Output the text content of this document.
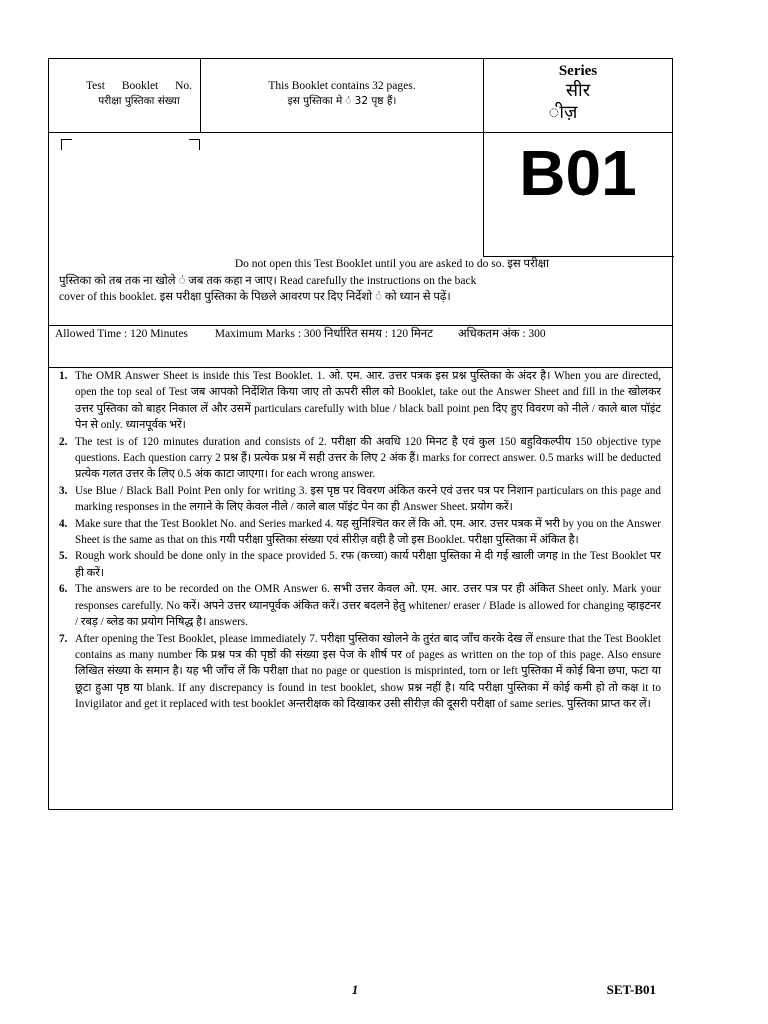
Test Booklet No.
परीक्षा पुस्तिका संख्या
This Booklet contains 32 pages.
इस पुस्तिका मे ं 32 पृष्ठ हैं।
Series
सीर
ीज़
B01
Do not open this Test Booklet until you are asked to do so. इस परीक्षा
पुस्तिका को तब तक ना खोले ं जब तक कहा न जाए। Read carefully the instructions on the back
cover of this booklet. इस परीक्षा पुस्तिका के पिछले आवरण पर दिए निर्देशो ं को ध्यान से पढ़ें।
Allowed Time : 120 Minutes Maximum Marks : 300 निर्धारित समय : 120 मिनट अधिकतम अंक : 300
1. The OMR Answer Sheet is inside this Test Booklet. 1. ओ. एम. आर. उत्तर पत्रक इस प्रश्न पुस्तिका के अंदर है। When you are directed, open the top seal of Test जब आपको निर्देशित किया जाए तो ऊपरी सील को Booklet, take out the Answer Sheet and fill in the खोलकर उत्तर पुस्तिका को बाहर निकाल लें और उसमें particulars carefully with blue / black ball point pen दिए हुए विवरण को नीले / काले बाल पॉइंट पेन से only. ध्यानपूर्वक भरें।
2. The test is of 120 minutes duration and consists of 2. परीक्षा की अवधि 120 मिनट है एवं कुल 150 बहुविकल्पीय 150 objective type questions. Each question carry 2 प्रश्न हैं। प्रत्येक प्रश्न में सही उत्तर के लिए 2 अंक हैं। marks for correct answer. 0.5 marks will be deducted प्रत्येक गलत उत्तर के लिए 0.5 अंक काटा जाएगा। for each wrong answer.
3. Use Blue / Black Ball Point Pen only for writing 3. इस पृष्ठ पर विवरण अंकित करने एवं उत्तर पत्र पर निशान particulars on this page and marking responses in the लगाने के लिए केवल नीले / काले बाल पॉइंट पेन का ही Answer Sheet. प्रयोग करें।
4. Make sure that the Test Booklet No. and Series marked 4. यह सुनिश्चित कर लें कि ओ. एम. आर. उत्तर पत्रक में भरी by you on the Answer Sheet is the same as that on this गयी परीक्षा पुस्तिका संख्या एवं सीरीज़ वही है जो इस Booklet. परीक्षा पुस्तिका में अंकित है।
5. Rough work should be done only in the space provided 5. रफ (कच्चा) कार्य परीक्षा पुस्तिका मे दी गई खाली जगह in the Test Booklet पर ही करें।
6. The answers are to be recorded on the OMR Answer 6. सभी उत्तर केवल ओ. एम. आर. उत्तर पत्र पर ही अंकित Sheet only. Mark your responses carefully. No करें। अपने उत्तर ध्यानपूर्वक अंकित करें। उत्तर बदलने हेतु whitener/ eraser / Blade is allowed for changing व्हाइटनर / रबड़ / ब्लेड का प्रयोग निषिद्ध है। answers.
7. After opening the Test Booklet, please immediately 7. परीक्षा पुस्तिका खोलने के तुरंत बाद जाँच करके देख लें ensure that the Test Booklet contains as many number कि प्रश्न पत्र की पृष्ठों की संख्या इस पेज के शीर्ष पर of pages as written on the top of this page. Also ensure लिखित संख्या के समान है। यह भी जाँच लें कि परीक्षा that no page or question is misprinted, torn or left पुस्तिका में कोई बिना छपा, फटा या छूटा हुआ पृष्ठ या blank. If any discrepancy is found in test booklet, show प्रश्न नहीं है। यदि परीक्षा पुस्तिका में कोई कमी हो तो कक्ष it to Invigilator and get it replaced with test booklet अन्तरीक्षक को दिखाकर उसी सीरीज़ की दूसरी परीक्षा of same series. पुस्तिका प्राप्त कर लें।
1	SET-B01
